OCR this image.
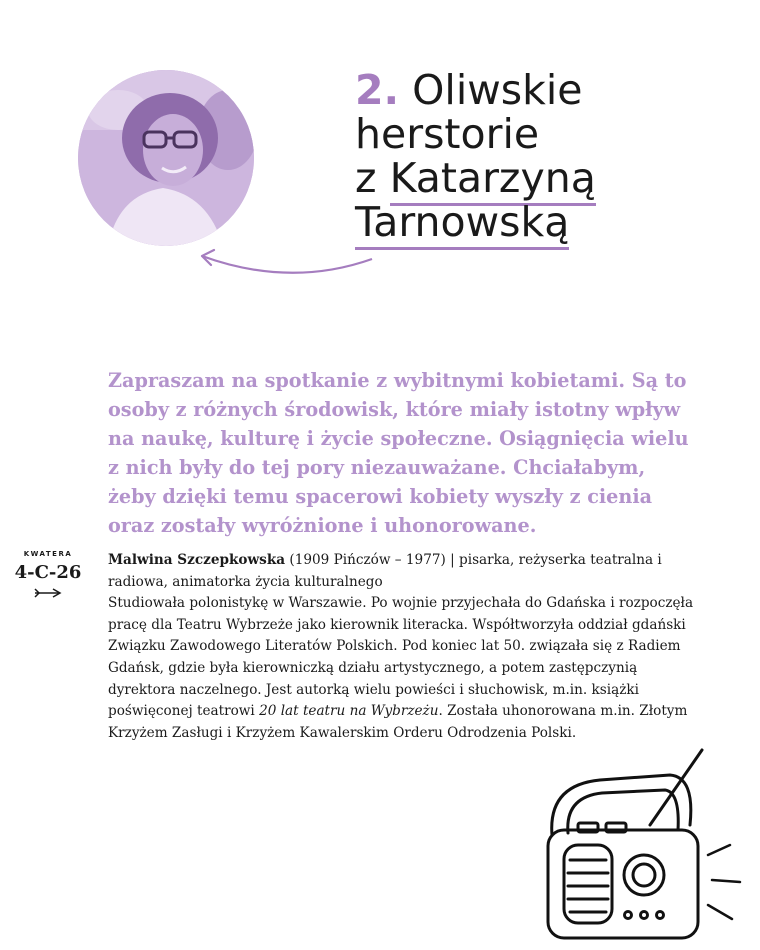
2. Oliwskie
herstorie
z Katarzyną
Tarnowską

Zapraszam na spotkanie z wybitnymi kobietami. Są to osoby z różnych środowisk, które miały istotny wpływ na naukę, kulturę i życie społeczne. Osiągnięcia wielu z nich były do tej pory niezauważane. Chciałabym, żeby dzięki temu spacerowi kobiety wyszły z cienia oraz zostały wyróżnione i uhonorowane.

KWATERA
4-C-26

Malwina Szczepkowska (1909 Pińczów – 1977) | pisarka, reżyserka teatralna i radiowa, animatorka życia kulturalnego
Studiowała polonistykę w Warszawie. Po wojnie przyjechała do Gdańska i rozpoczęła pracę dla Teatru Wybrzeże jako kierownik literacka. Współtworzyła oddział gdański Związku Zawodowego Literatów Polskich. Pod koniec lat 50. związała się z Radiem Gdańsk, gdzie była kierowniczką działu artystycznego, a potem zastępczynią dyrektora naczelnego. Jest autorką wielu powieści i słuchowisk, m.in. książki poświęconej teatrowi 20 lat teatru na Wybrzeżu. Została uhonorowana m.in. Złotym Krzyżem Zasługi i Krzyżem Kawalerskim Orderu Odrodzenia Polski.
